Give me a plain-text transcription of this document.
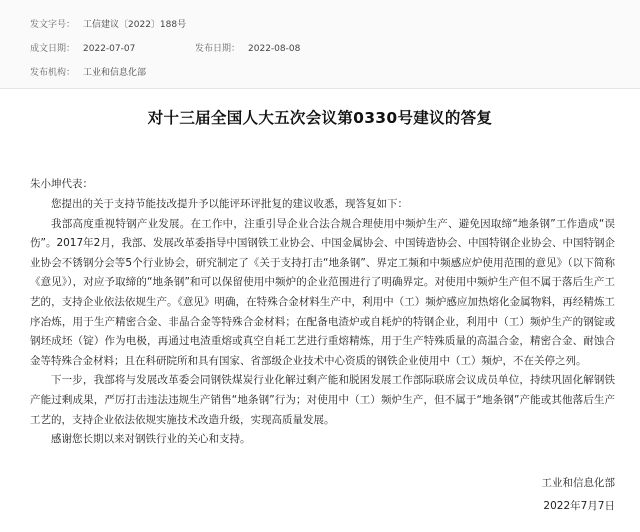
发文字号： 工信建议〔2022〕188号
成文日期： 2022-07-07	发布日期： 2022-08-08
发布机构： 工业和信息化部
对十三届全国人大五次会议第0330号建议的答复
朱小坤代表：

您提出的关于支持节能技改提升予以能评环评批复的建议收悉，现答复如下：

我部高度重视特钢产业发展。在工作中，注重引导企业合法合规合理使用中频炉生产、避免因取缔“地条钢”工作造成“误伤”。2017年2月，我部、发展改革委指导中国钢铁工业协会、中国金属协会、中国铸造协会、中国特钢企业协会、中国特钢企业协会不锈钢分会等5个行业协会，研究制定了《关于支持打击“地条钢”、界定工频和中频感应炉使用范围的意见》（以下简称《意见》），对应予取缔的“地条钢”和可以保留使用中频炉的企业范围进行了明确界定。对使用中频炉生产但不属于落后生产工艺的，支持企业依法依规生产。《意见》明确，在特殊合金材料生产中，利用中（工）频炉感应加热熔化金属物料，再经精炼工序冶炼，用于生产精密合金、非晶合金等特殊合金材料；在配备电渣炉或自耗炉的特钢企业，利用中（工）频炉生产的钢锭或钢坯成坯（锭）作为电极，再通过电渣重熔或真空自耗工艺进行重熔精炼，用于生产特殊质量的高温合金，精密合金、耐蚀合金等特殊合金材料；且在科研院所和具有国家、省部级企业技术中心资质的钢铁企业使用中（工）频炉，不在关停之列。

下一步，我部将与发展改革委会同钢铁煤炭行业化解过剩产能和脱困发展工作部际联席会议成员单位，持续巩固化解钢铁产能过剩成果，严厉打击违法违规生产销售“地条钢”行为；对使用中（工）频炉生产，但不属于“地条钢”产能或其他落后生产工艺的，支持企业依法依规实施技术改造升级，实现高质量发展。

感谢您长期以来对钢铁行业的关心和支持。

工业和信息化部
2022年7月7日
